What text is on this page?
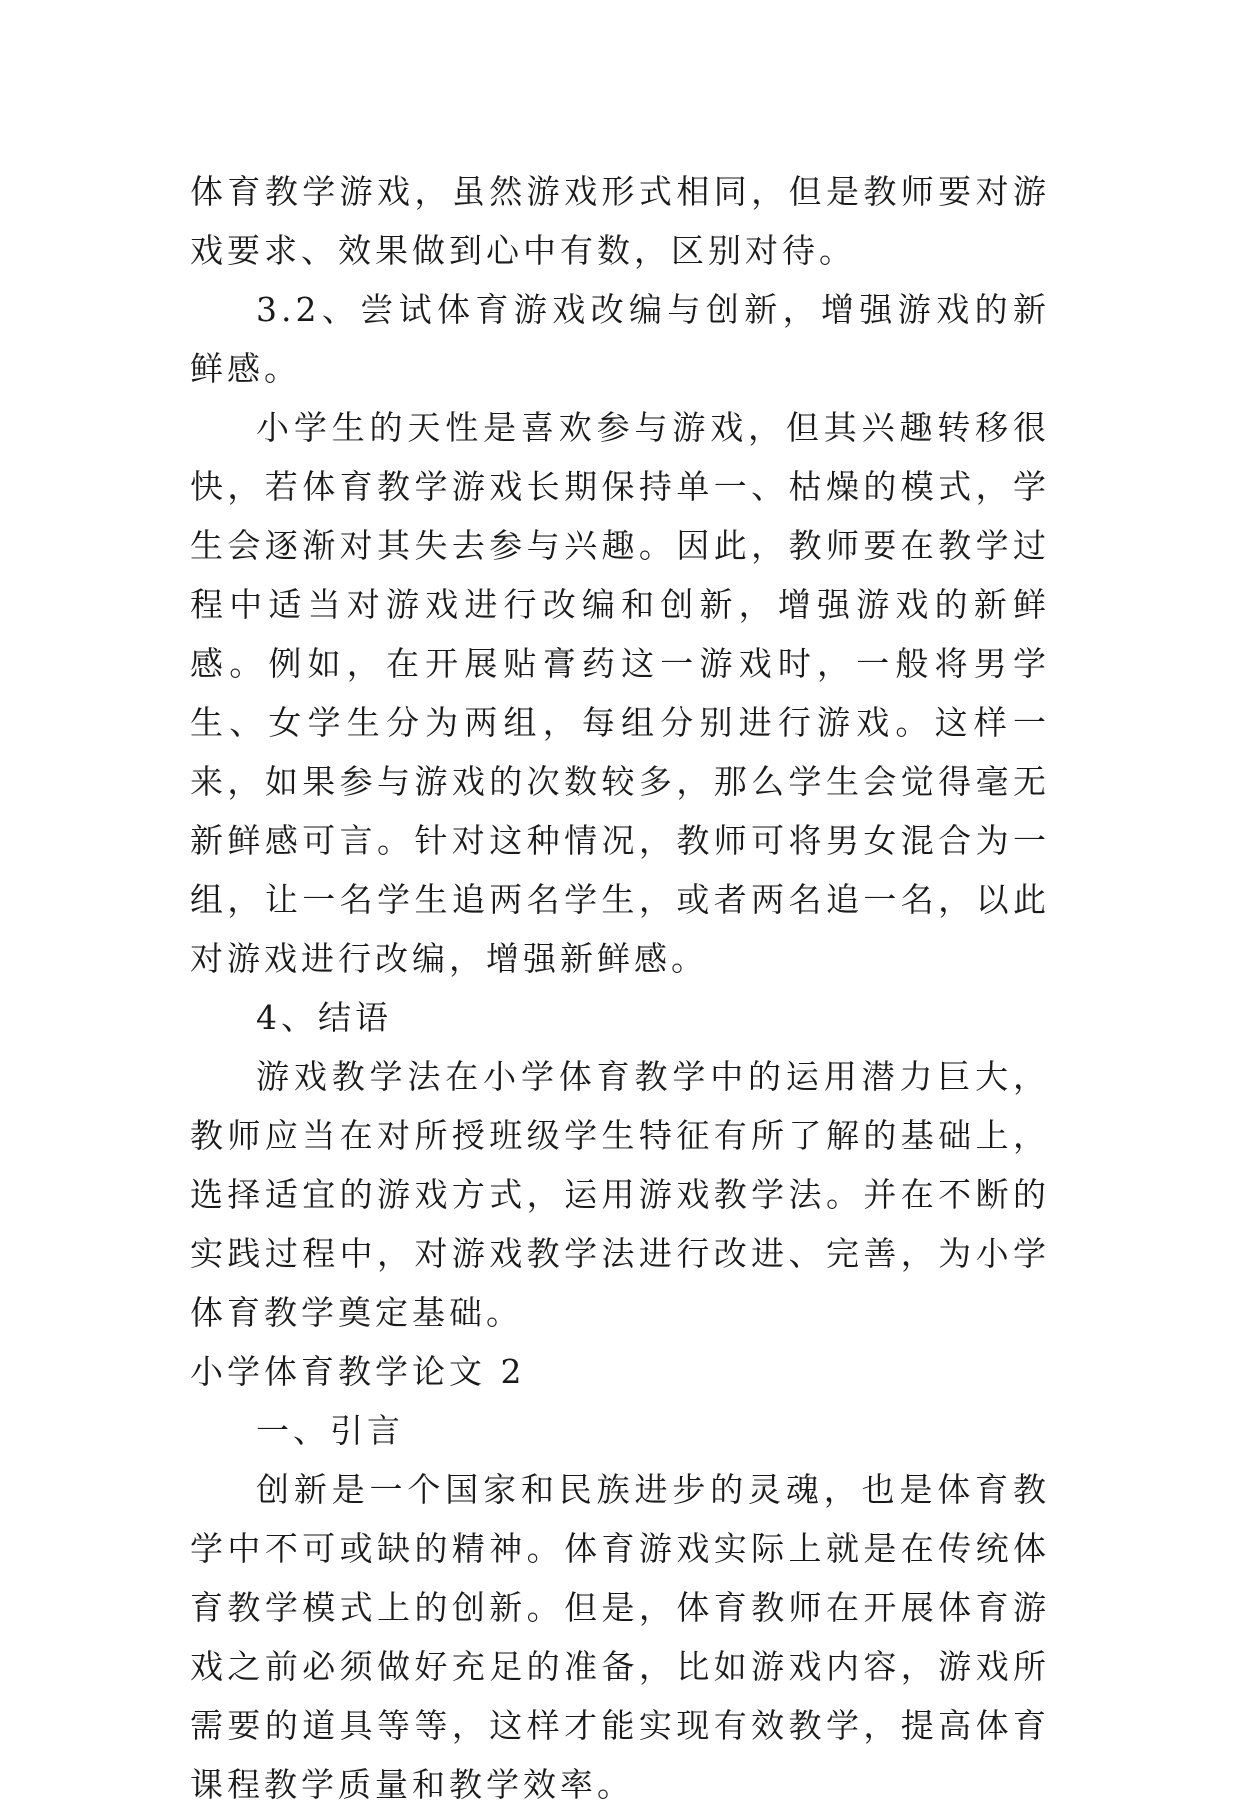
体育教学游戏，虽然游戏形式相同，但是教师要对游戏要求、效果做到心中有数，区别对待。

3.2、尝试体育游戏改编与创新，增强游戏的新鲜感。

小学生的天性是喜欢参与游戏，但其兴趣转移很快，若体育教学游戏长期保持单一、枯燥的模式，学生会逐渐对其失去参与兴趣。因此，教师要在教学过程中适当对游戏进行改编和创新，增强游戏的新鲜感。例如，在开展贴膏药这一游戏时，一般将男学生、女学生分为两组，每组分别进行游戏。这样一来，如果参与游戏的次数较多，那么学生会觉得毫无新鲜感可言。针对这种情况，教师可将男女混合为一组，让一名学生追两名学生，或者两名追一名，以此对游戏进行改编，增强新鲜感。

4、结语

游戏教学法在小学体育教学中的运用潜力巨大，教师应当在对所授班级学生特征有所了解的基础上，选择适宜的游戏方式，运用游戏教学法。并在不断的实践过程中，对游戏教学法进行改进、完善，为小学体育教学奠定基础。

小学体育教学论文 2

一、引言

创新是一个国家和民族进步的灵魂，也是体育教学中不可或缺的精神。体育游戏实际上就是在传统体育教学模式上的创新。但是，体育教师在开展体育游戏之前必须做好充足的准备，比如游戏内容，游戏所需要的道具等等，这样才能实现有效教学，提高体育课程教学质量和教学效率。
